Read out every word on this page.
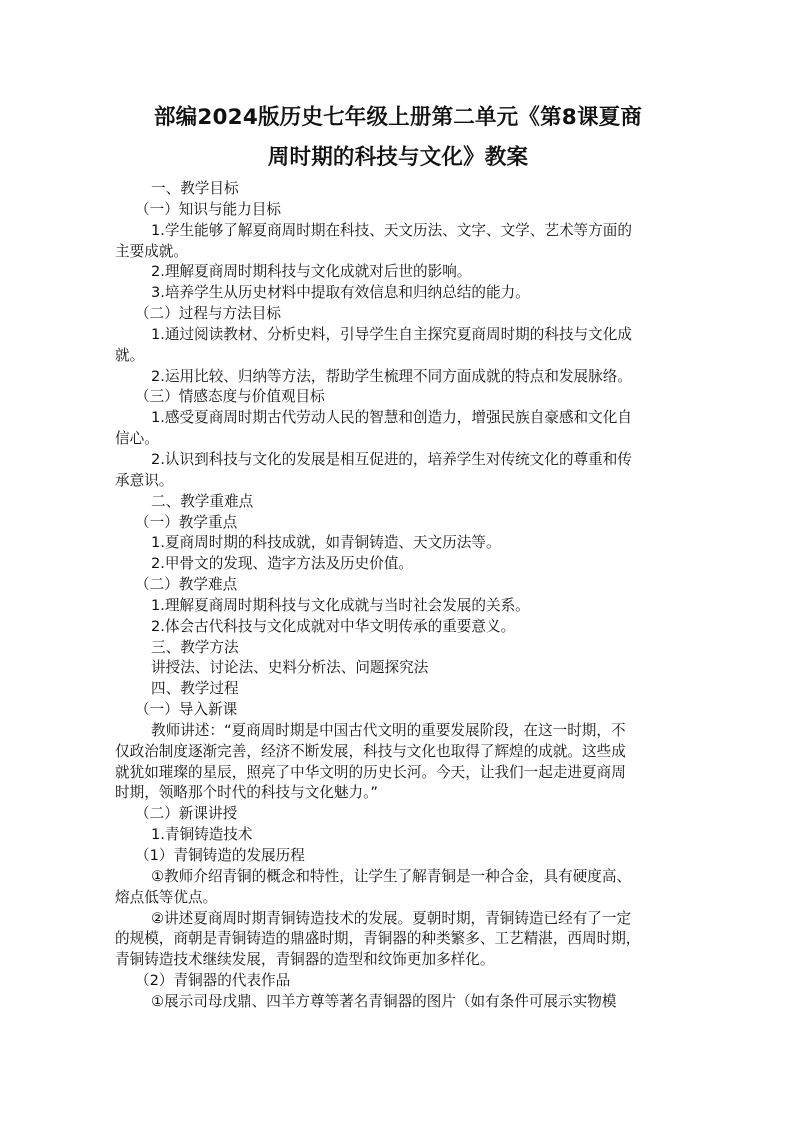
部编2024版历史七年级上册第二单元《第8课夏商
周时期的科技与文化》教案
一、教学目标
（一）知识与能力目标
1.学生能够了解夏商周时期在科技、天文历法、文字、文学、艺术等方面的
主要成就。
2.理解夏商周时期科技与文化成就对后世的影响。
3.培养学生从历史材料中提取有效信息和归纳总结的能力。
（二）过程与方法目标
1.通过阅读教材、分析史料，引导学生自主探究夏商周时期的科技与文化成
就。
2.运用比较、归纳等方法，帮助学生梳理不同方面成就的特点和发展脉络。
（三）情感态度与价值观目标
1.感受夏商周时期古代劳动人民的智慧和创造力，增强民族自豪感和文化自
信心。
2.认识到科技与文化的发展是相互促进的，培养学生对传统文化的尊重和传
承意识。
二、教学重难点
（一）教学重点
1.夏商周时期的科技成就，如青铜铸造、天文历法等。
2.甲骨文的发现、造字方法及历史价值。
（二）教学难点
1.理解夏商周时期科技与文化成就与当时社会发展的关系。
2.体会古代科技与文化成就对中华文明传承的重要意义。
三、教学方法
讲授法、讨论法、史料分析法、问题探究法
四、教学过程
（一）导入新课
教师讲述：“夏商周时期是中国古代文明的重要发展阶段，在这一时期，不
仅政治制度逐渐完善，经济不断发展，科技与文化也取得了辉煌的成就。这些成
就犹如璀璨的星辰，照亮了中华文明的历史长河。今天，让我们一起走进夏商周
时期，领略那个时代的科技与文化魅力。”
（二）新课讲授
1.青铜铸造技术
（1）青铜铸造的发展历程
①教师介绍青铜的概念和特性，让学生了解青铜是一种合金，具有硬度高、
熔点低等优点。
②讲述夏商周时期青铜铸造技术的发展。夏朝时期，青铜铸造已经有了一定
的规模，商朝是青铜铸造的鼎盛时期，青铜器的种类繁多、工艺精湛，西周时期，
青铜铸造技术继续发展，青铜器的造型和纹饰更加多样化。
（2）青铜器的代表作品
①展示司母戊鼎、四羊方尊等著名青铜器的图片（如有条件可展示实物模
